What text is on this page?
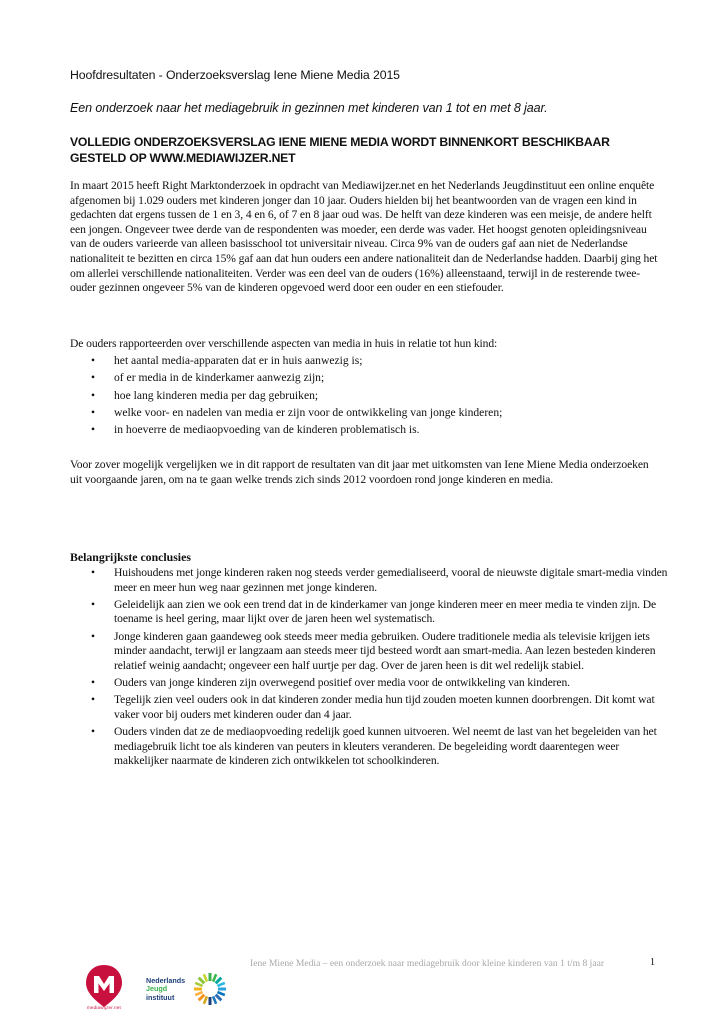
Hoofdresultaten - Onderzoeksverslag Iene Miene Media 2015

Een onderzoek naar het mediagebruik in gezinnen met kinderen van 1 tot en met 8 jaar.

VOLLEDIG ONDERZOEKSVERSLAG IENE MIENE MEDIA WORDT BINNENKORT BESCHIKBAAR GESTELD OP WWW.MEDIAWIJZER.NET

In maart 2015 heeft Right Marktonderzoek in opdracht van Mediawijzer.net en het Nederlands Jeugdinstituut een online enquête afgenomen bij 1.029 ouders met kinderen jonger dan 10 jaar. Ouders hielden bij het beantwoorden van de vragen een kind in gedachten dat ergens tussen de 1 en 3, 4 en 6, of 7 en 8 jaar oud was. De helft van deze kinderen was een meisje, de andere helft een jongen. Ongeveer twee derde van de respondenten was moeder, een derde was vader. Het hoogst genoten opleidingsniveau van de ouders varieerde van alleen basisschool tot universitair niveau. Circa 9% van de ouders gaf aan niet de Nederlandse nationaliteit te bezitten en circa 15% gaf aan dat hun ouders een andere nationaliteit dan de Nederlandse hadden. Daarbij ging het om allerlei verschillende nationaliteiten. Verder was een deel van de ouders (16%) alleenstaand, terwijl in de resterende twee-ouder gezinnen ongeveer 5% van de kinderen opgevoed werd door een ouder en een stiefouder.

De ouders rapporteerden over verschillende aspecten van media in huis in relatie tot hun kind:

• het aantal media-apparaten dat er in huis aanwezig is;
• of er media in de kinderkamer aanwezig zijn;
• hoe lang kinderen media per dag gebruiken;
• welke voor- en nadelen van media er zijn voor de ontwikkeling van jonge kinderen;
• in hoeverre de mediaopvoeding van de kinderen problematisch is.

Voor zover mogelijk vergelijken we in dit rapport de resultaten van dit jaar met uitkomsten van Iene Miene Media onderzoeken uit voorgaande jaren, om na te gaan welke trends zich sinds 2012 voordoen rond jonge kinderen en media.

Belangrijkste conclusies

• Huishoudens met jonge kinderen raken nog steeds verder gemedialiseerd, vooral de nieuwste digitale smart-media vinden meer en meer hun weg naar gezinnen met jonge kinderen.
• Geleidelijk aan zien we ook een trend dat in de kinderkamer van jonge kinderen meer en meer media te vinden zijn. De toename is heel gering, maar lijkt over de jaren heen wel systematisch.
• Jonge kinderen gaan gaandeweg ook steeds meer media gebruiken. Oudere traditionele media als televisie krijgen iets minder aandacht, terwijl er langzaam aan steeds meer tijd besteed wordt aan smart-media. Aan lezen besteden kinderen relatief weinig aandacht; ongeveer een half uurtje per dag. Over de jaren heen is dit wel redelijk stabiel.
• Ouders van jonge kinderen zijn overwegend positief over media voor de ontwikkeling van kinderen.
• Tegelijk zien veel ouders ook in dat kinderen zonder media hun tijd zouden moeten kunnen doorbrengen. Dit komt wat vaker voor bij ouders met kinderen ouder dan 4 jaar.
• Ouders vinden dat ze de mediaopvoeding redelijk goed kunnen uitvoeren. Wel neemt de last van het begeleiden van het mediagebruik licht toe als kinderen van peuters in kleuters veranderen. De begeleiding wordt daarentegen weer makkelijker naarmate de kinderen zich ontwikkelen tot schoolkinderen.
Iene Miene Media – een onderzoek naar mediagebruik door kleine kinderen van 1 t/m 8 jaar	1
mediawijzer.net
Nederlands
Jeugd
instituut
